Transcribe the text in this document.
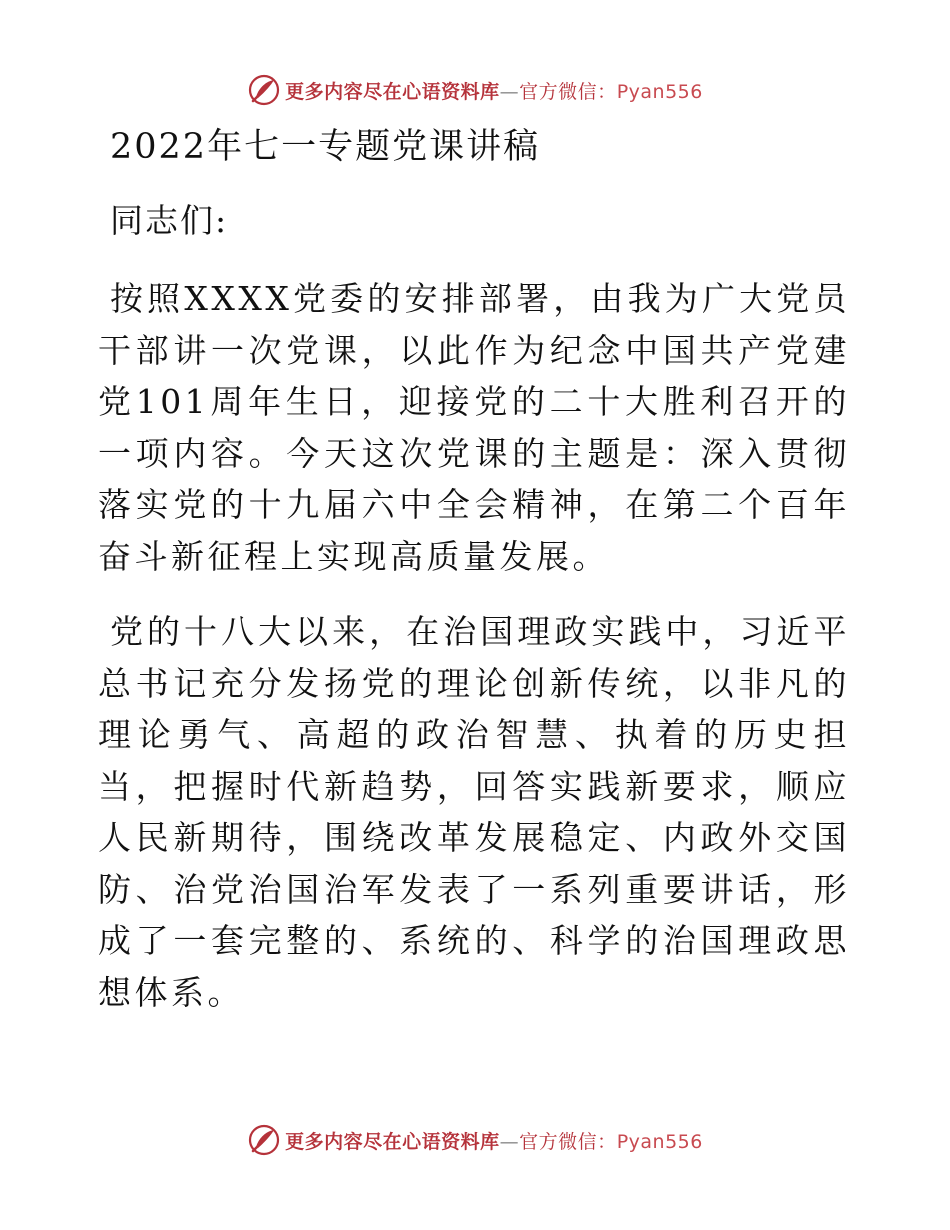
更多内容尽在心语资料库—官方微信：Pyan556
2022年七一专题党课讲稿

同志们:

按照XXXX党委的安排部署，由我为广大党员干部讲一次党课，以此作为纪念中国共产党建党101周年生日，迎接党的二十大胜利召开的一项内容。今天这次党课的主题是：深入贯彻落实党的十九届六中全会精神，在第二个百年奋斗新征程上实现高质量发展。

党的十八大以来，在治国理政实践中，习近平总书记充分发扬党的理论创新传统，以非凡的理论勇气、高超的政治智慧、执着的历史担当，把握时代新趋势，回答实践新要求，顺应人民新期待，围绕改革发展稳定、内政外交国防、治党治国治军发表了一系列重要讲话，形成了一套完整的、系统的、科学的治国理政思想体系。

更多内容尽在心语资料库—官方微信：Pyan556
